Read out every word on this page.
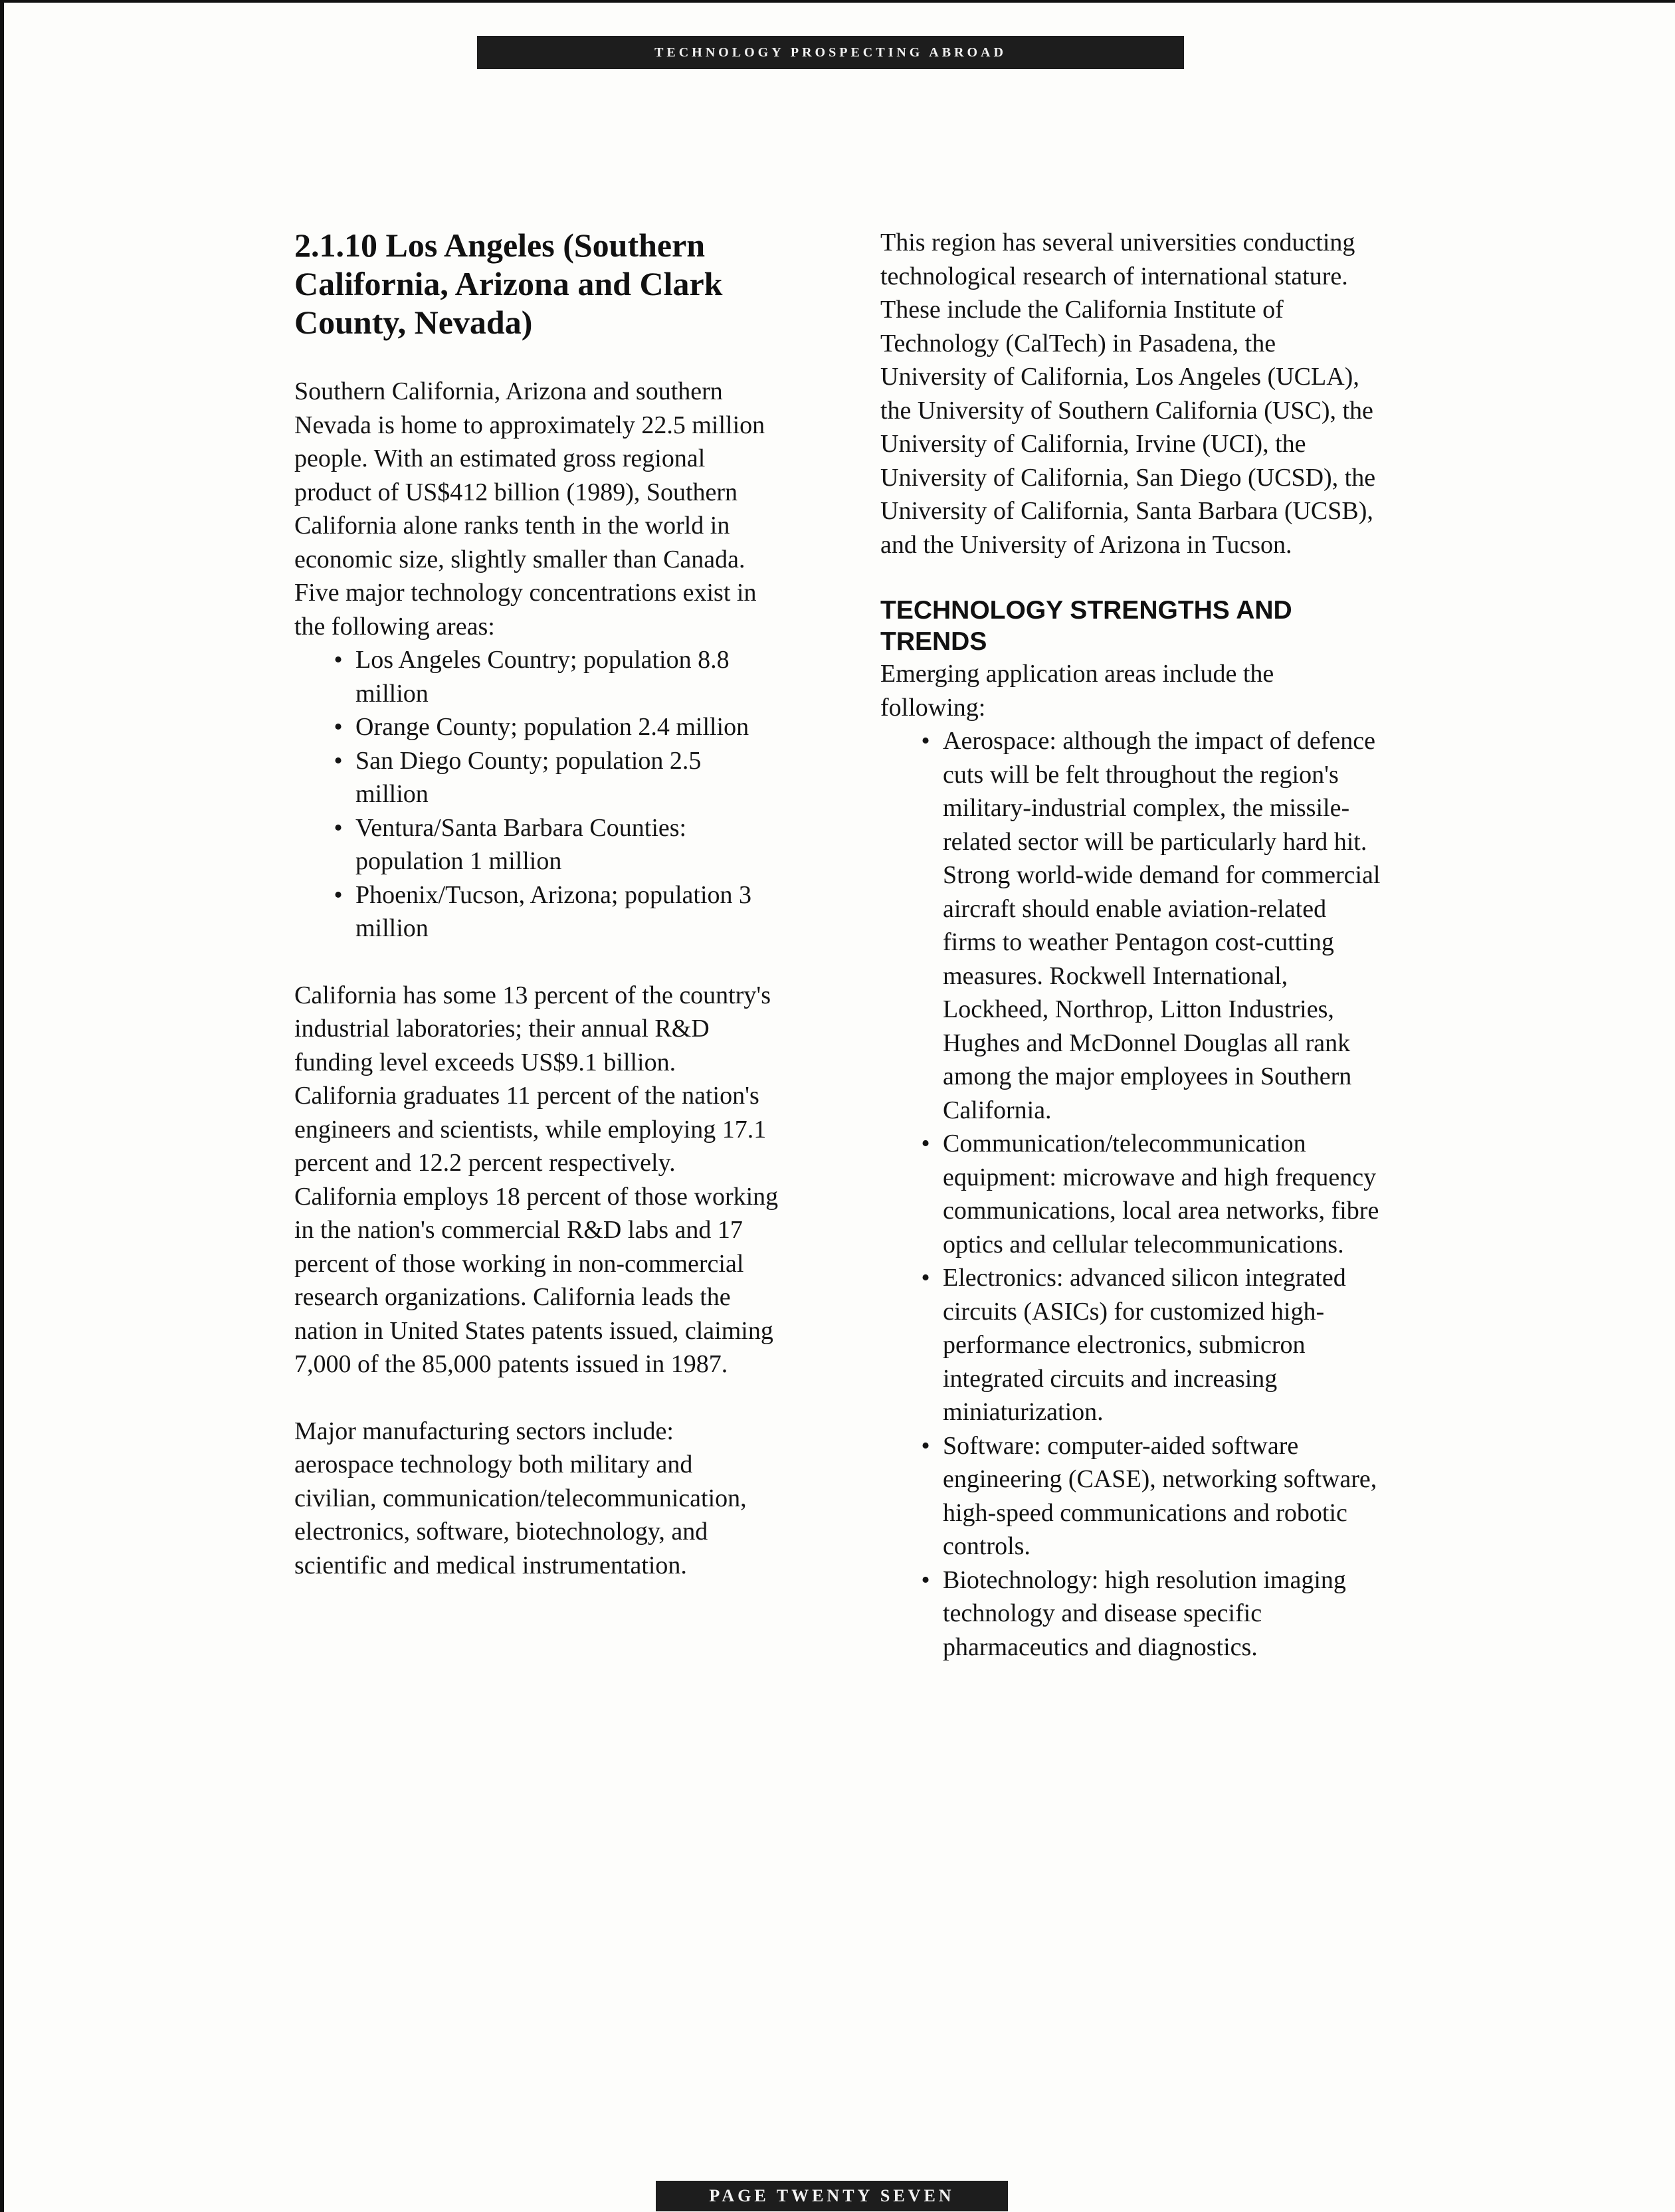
TECHNOLOGY PROSPECTING ABROAD
2.1.10 Los Angeles (Southern California, Arizona and Clark County, Nevada)

Southern California, Arizona and southern Nevada is home to approximately 22.5 million people. With an estimated gross regional product of US$412 billion (1989), Southern California alone ranks tenth in the world in economic size, slightly smaller than Canada. Five major technology concentrations exist in the following areas:

• Los Angeles Country; population 8.8 million
• Orange County; population 2.4 million
• San Diego County; population 2.5 million
• Ventura/Santa Barbara Counties: population 1 million
• Phoenix/Tucson, Arizona; population 3 million

California has some 13 percent of the country's industrial laboratories; their annual R&D funding level exceeds US$9.1 billion. California graduates 11 percent of the nation's engineers and scientists, while employing 17.1 percent and 12.2 percent respectively. California employs 18 percent of those working in the nation's commercial R&D labs and 17 percent of those working in non-commercial research organizations. California leads the nation in United States patents issued, claiming 7,000 of the 85,000 patents issued in 1987.

Major manufacturing sectors include: aerospace technology both military and civilian, communication/telecommunication, electronics, software, biotechnology, and scientific and medical instrumentation.

This region has several universities conducting technological research of international stature. These include the California Institute of Technology (CalTech) in Pasadena, the University of California, Los Angeles (UCLA), the University of Southern California (USC), the University of California, Irvine (UCI), the University of California, San Diego (UCSD), the University of California, Santa Barbara (UCSB), and the University of Arizona in Tucson.

TECHNOLOGY STRENGTHS AND TRENDS

Emerging application areas include the following:

• Aerospace: although the impact of defence cuts will be felt throughout the region's military-industrial complex, the missile-related sector will be particularly hard hit. Strong world-wide demand for commercial aircraft should enable aviation-related firms to weather Pentagon cost-cutting measures. Rockwell International, Lockheed, Northrop, Litton Industries, Hughes and McDonnel Douglas all rank among the major employees in Southern California.
• Communication/telecommunication equipment: microwave and high frequency communications, local area networks, fibre optics and cellular telecommunications.
• Electronics: advanced silicon integrated circuits (ASICs) for customized high-performance electronics, submicron integrated circuits and increasing miniaturization.
• Software: computer-aided software engineering (CASE), networking software, high-speed communications and robotic controls.
• Biotechnology: high resolution imaging technology and disease specific pharmaceutics and diagnostics.
PAGE TWENTY SEVEN
